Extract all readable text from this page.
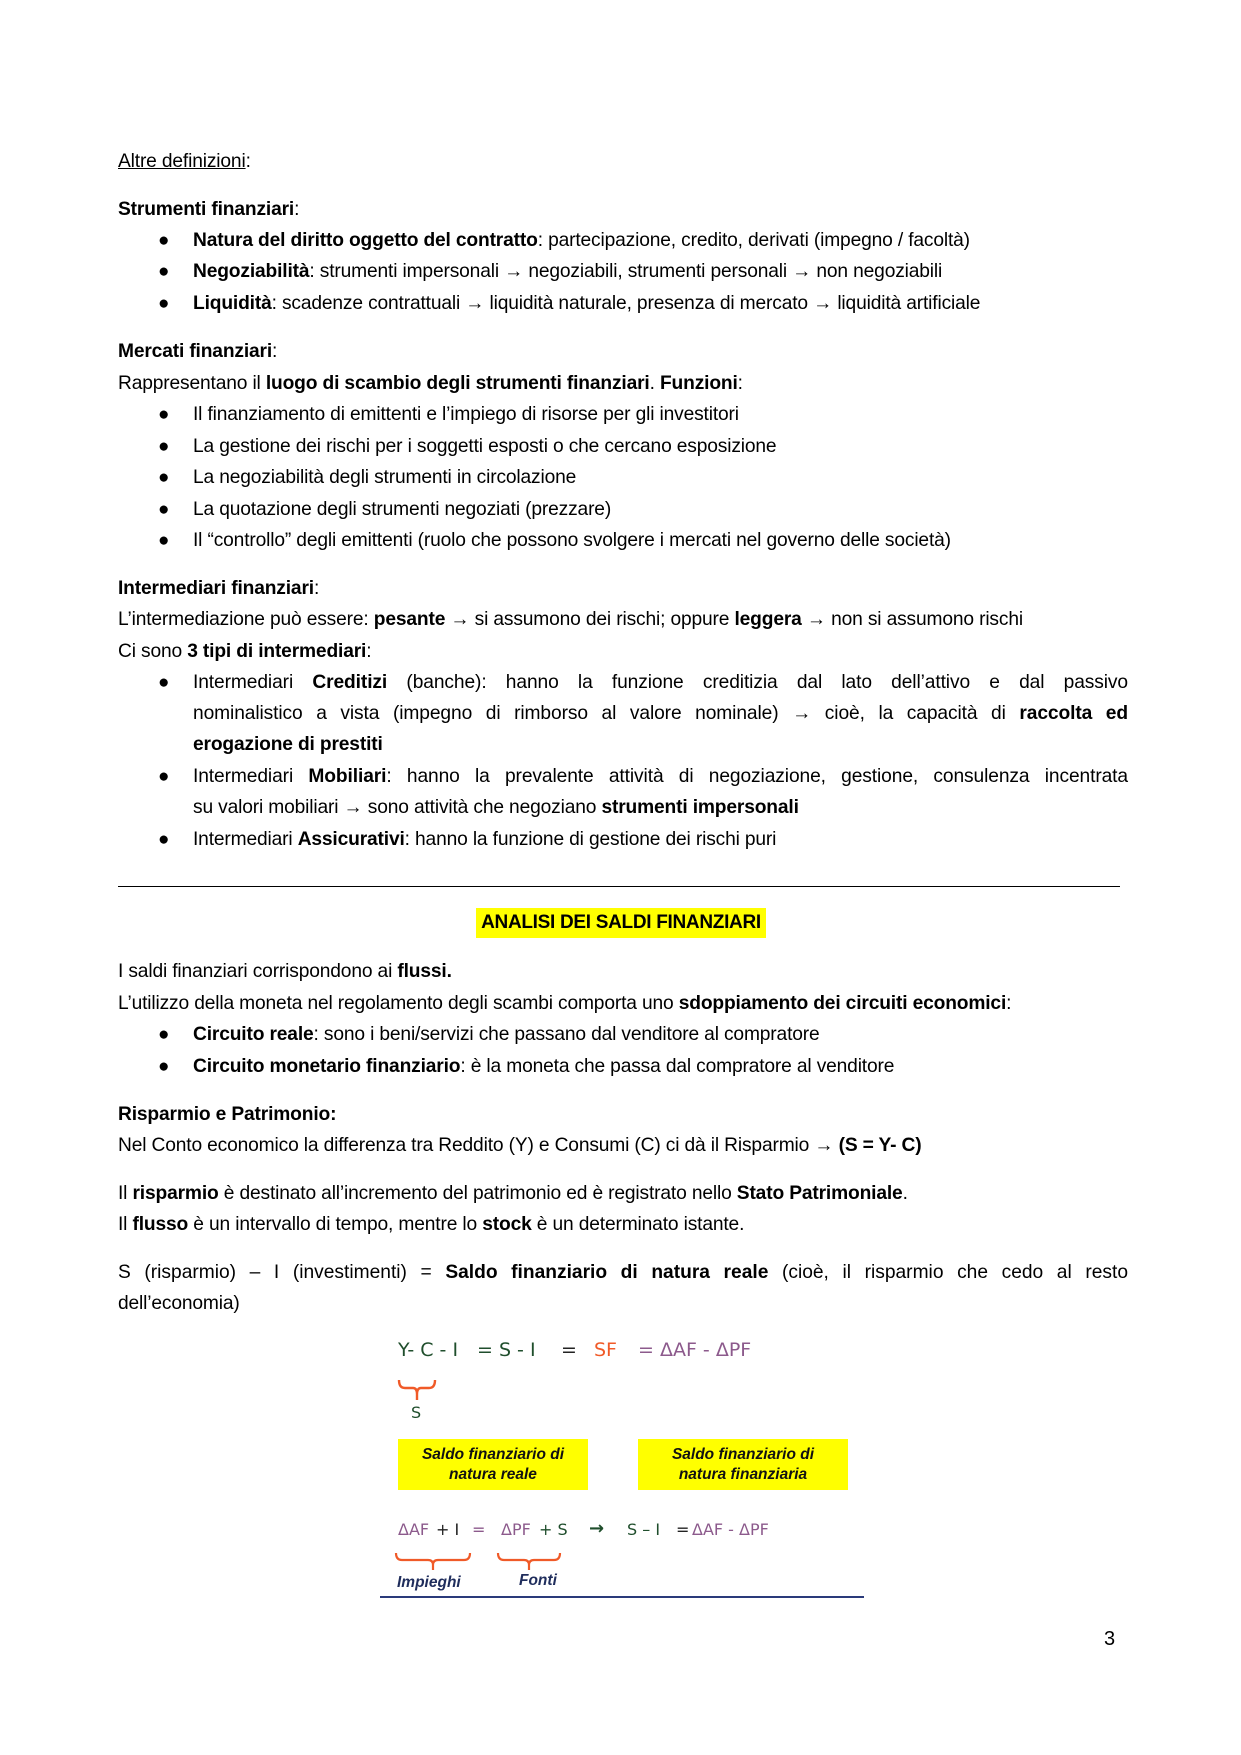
Altre definizioni:
Strumenti finanziari:
● Natura del diritto oggetto del contratto: partecipazione, credito, derivati (impegno / facoltà)
● Negoziabilità: strumenti impersonali → negoziabili, strumenti personali → non negoziabili
● Liquidità: scadenze contrattuali → liquidità naturale, presenza di mercato → liquidità artificiale
Mercati finanziari:
Rappresentano il luogo di scambio degli strumenti finanziari. Funzioni:
● Il finanziamento di emittenti e l’impiego di risorse per gli investitori
● La gestione dei rischi per i soggetti esposti o che cercano esposizione
● La negoziabilità degli strumenti in circolazione
● La quotazione degli strumenti negoziati (prezzare)
● Il “controllo” degli emittenti (ruolo che possono svolgere i mercati nel governo delle società)
Intermediari finanziari:
L’intermediazione può essere: pesante → si assumono dei rischi; oppure leggera → non si assumono rischi
Ci sono 3 tipi di intermediari:
● Intermediari Creditizi (banche): hanno la funzione creditizia dal lato dell’attivo e dal passivo
nominalistico a vista (impegno di rimborso al valore nominale) → cioè, la capacità di raccolta ed
erogazione di prestiti
● Intermediari Mobiliari: hanno la prevalente attività di negoziazione, gestione, consulenza incentrata
su valori mobiliari → sono attività che negoziano strumenti impersonali
● Intermediari Assicurativi: hanno la funzione di gestione dei rischi puri
ANALISI DEI SALDI FINANZIARI
I saldi finanziari corrispondono ai flussi.
L’utilizzo della moneta nel regolamento degli scambi comporta uno sdoppiamento dei circuiti economici:
● Circuito reale: sono i beni/servizi che passano dal venditore al compratore
● Circuito monetario finanziario: è la moneta che passa dal compratore al venditore
Risparmio e Patrimonio:
Nel Conto economico la differenza tra Reddito (Y) e Consumi (C) ci dà il Risparmio → (S = Y- C)
Il risparmio è destinato all’incremento del patrimonio ed è registrato nello Stato Patrimoniale.
Il flusso è un intervallo di tempo, mentre lo stock è un determinato istante.
S (risparmio) – I (investimenti) = Saldo finanziario di natura reale (cioè, il risparmio che cedo al resto
dell’economia)
Y- C - I = S - I = SF = ΔAF - ΔPF
S
Saldo finanziario di
natura reale
Saldo finanziario di
natura finanziaria
ΔAF + I = ΔPF + S → S – I = ΔAF - ΔPF
Impieghi	Fonti
3
